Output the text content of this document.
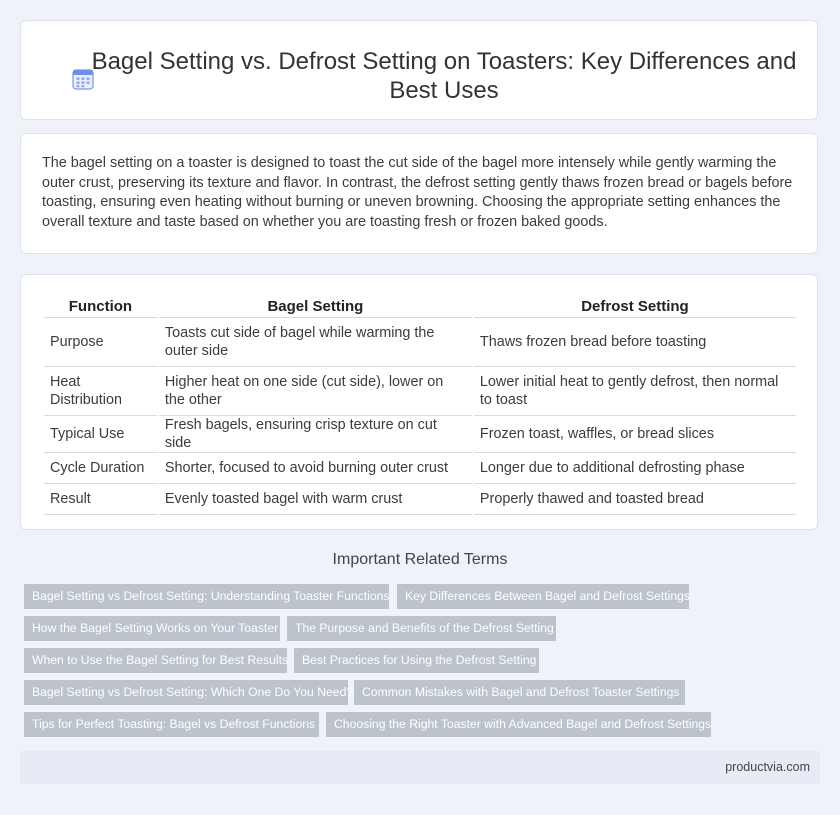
Bagel Setting vs. Defrost Setting on Toasters: Key Differences and Best Uses

The bagel setting on a toaster is designed to toast the cut side of the bagel more intensely while gently warming the outer crust, preserving its texture and flavor. In contrast, the defrost setting gently thaws frozen bread or bagels before toasting, ensuring even heating without burning or uneven browning. Choosing the appropriate setting enhances the overall texture and taste based on whether you are toasting fresh or frozen baked goods.

Function	Bagel Setting	Defrost Setting
Purpose	Toasts cut side of bagel while warming the outer side	Thaws frozen bread before toasting
Heat Distribution	Higher heat on one side (cut side), lower on the other	Lower initial heat to gently defrost, then normal to toast
Typical Use	Fresh bagels, ensuring crisp texture on cut side	Frozen toast, waffles, or bread slices
Cycle Duration	Shorter, focused to avoid burning outer crust	Longer due to additional defrosting phase
Result	Evenly toasted bagel with warm crust	Properly thawed and toasted bread
Important Related Terms
Bagel Setting vs Defrost Setting: Understanding Toaster Functions	Key Differences Between Bagel and Defrost Settings
How the Bagel Setting Works on Your Toaster	The Purpose and Benefits of the Defrost Setting
When to Use the Bagel Setting for Best Results	Best Practices for Using the Defrost Setting
Bagel Setting vs Defrost Setting: Which One Do You Need? Common Mistakes with Bagel and Defrost Toaster Settings
Tips for Perfect Toasting: Bagel vs Defrost Functions	Choosing the Right Toaster with Advanced Bagel and Defrost Settings
productvia.com
